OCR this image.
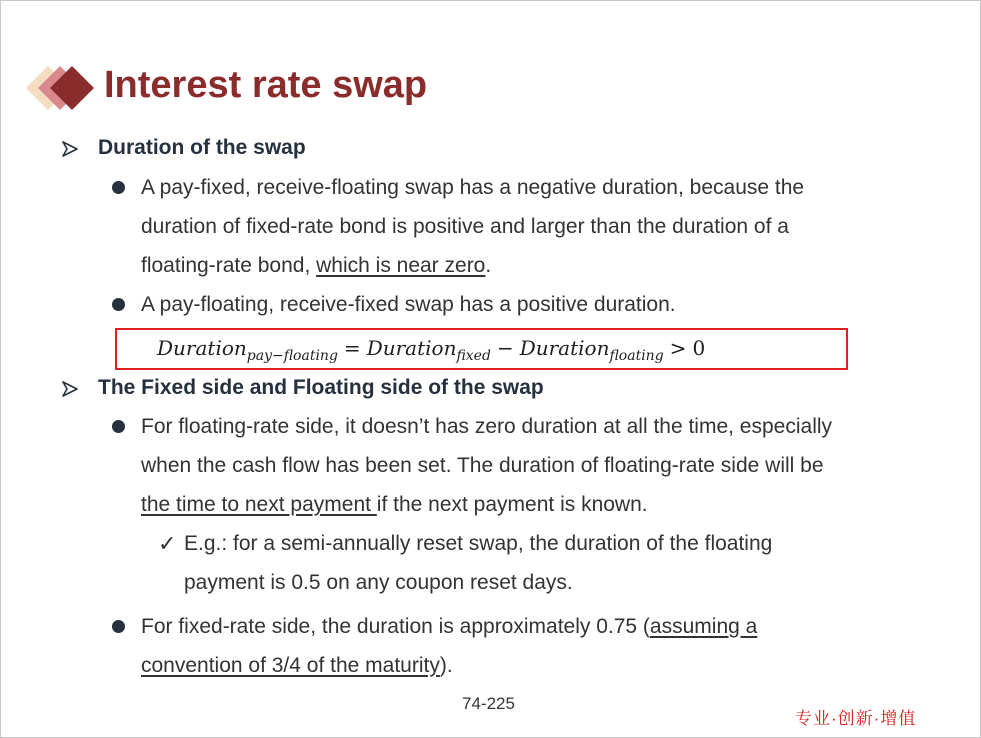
Interest rate swap
Duration of the swap
A pay-fixed, receive-floating swap has a negative duration, because the
duration of fixed-rate bond is positive and larger than the duration of a
floating-rate bond, which is near zero.
A pay-floating, receive-fixed swap has a positive duration.
Duration$_{pay-floating}$ = Duration$_{fixed}$ − Duration$_{floating}$ > 0
The Fixed side and Floating side of the swap
For floating-rate side, it doesn’t has zero duration at all the time, especially
when the cash flow has been set. The duration of floating-rate side will be
the time to next payment if the next payment is known.
✓ E.g.: for a semi-annually reset swap, the duration of the floating
payment is 0.5 on any coupon reset days.
For fixed-rate side, the duration is approximately 0.75 (assuming a
convention of 3/4 of the maturity).
74-225
专业·创新·增值
